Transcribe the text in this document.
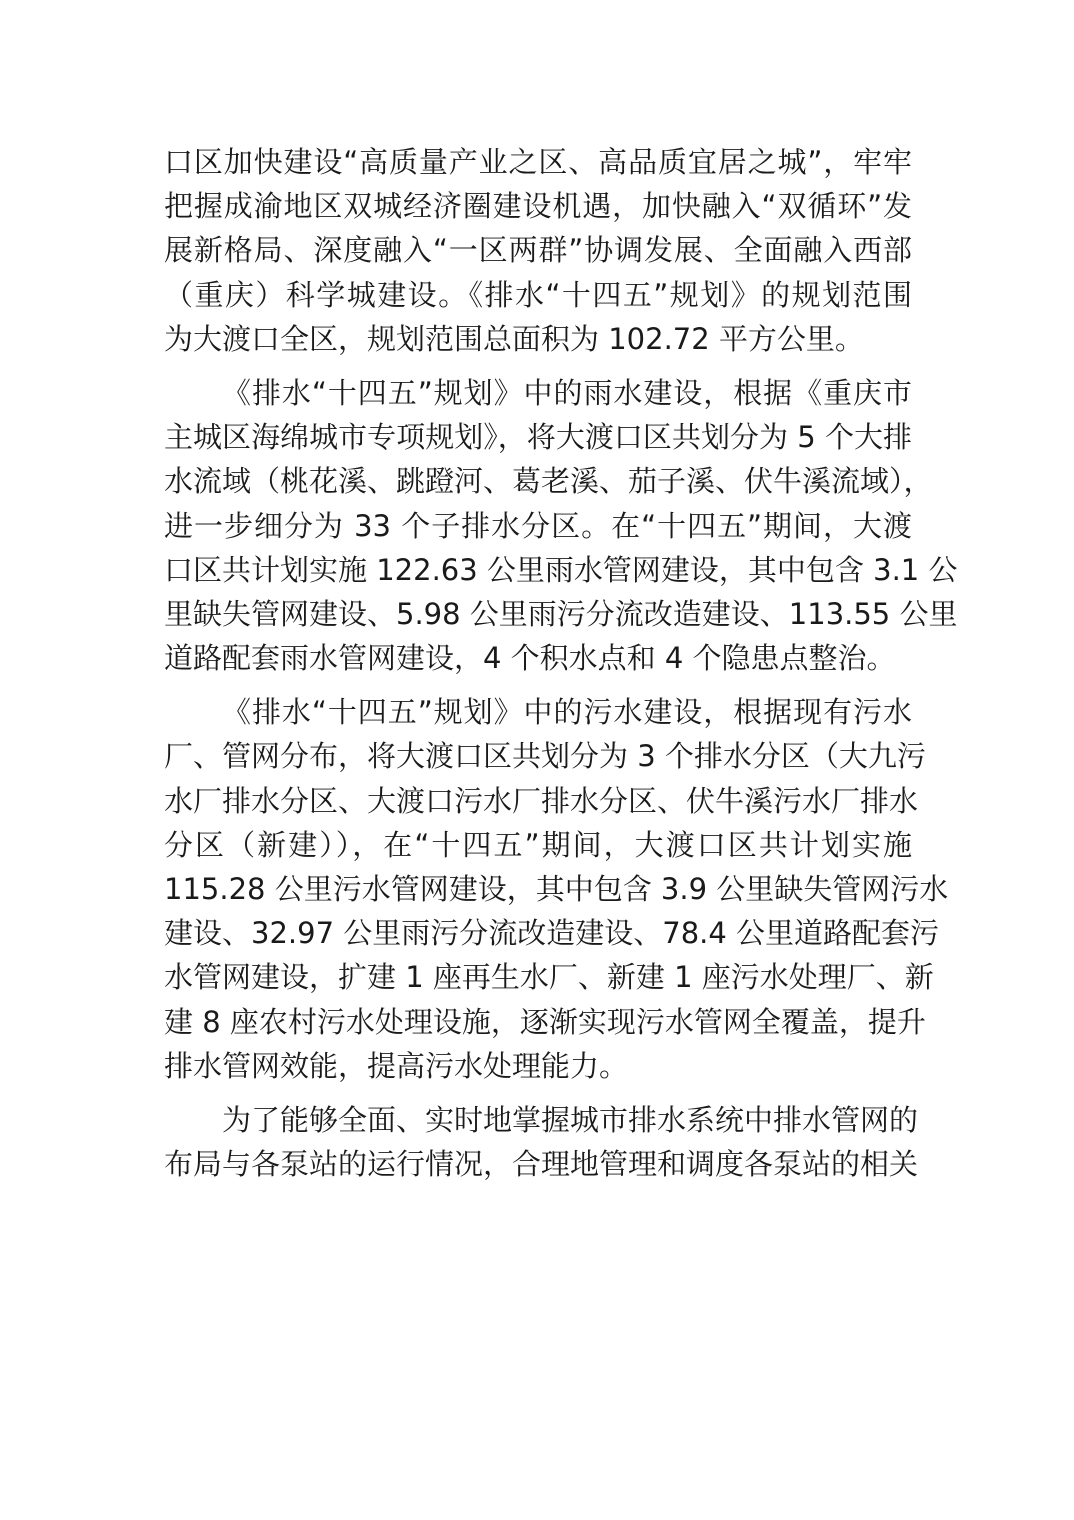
口区加快建设“高质量产业之区、高品质宜居之城”，牢牢
把握成渝地区双城经济圈建设机遇，加快融入“双循环”发
展新格局、深度融入“一区两群”协调发展、全面融入西部
（重庆）科学城建设。《排水“十四五”规划》的规划范围
为大渡口全区，规划范围总面积为 102.72 平方公里。
《排水“十四五”规划》中的雨水建设，根据《重庆市
主城区海绵城市专项规划》，将大渡口区共划分为 5 个大排
水流域（桃花溪、跳蹬河、葛老溪、茄子溪、伏牛溪流域），
进一步细分为 33 个子排水分区。在“十四五”期间，大渡
口区共计划实施 122.63 公里雨水管网建设，其中包含 3.1 公
里缺失管网建设、5.98 公里雨污分流改造建设、113.55 公里
道路配套雨水管网建设，4 个积水点和 4 个隐患点整治。
《排水“十四五”规划》中的污水建设，根据现有污水
厂、管网分布，将大渡口区共划分为 3 个排水分区（大九污
水厂排水分区、大渡口污水厂排水分区、伏牛溪污水厂排水
分区（新建）），在“十四五”期间，大渡口区共计划实施
115.28 公里污水管网建设，其中包含 3.9 公里缺失管网污水
建设、32.97 公里雨污分流改造建设、78.4 公里道路配套污
水管网建设，扩建 1 座再生水厂、新建 1 座污水处理厂、新
建 8 座农村污水处理设施，逐渐实现污水管网全覆盖，提升
排水管网效能，提高污水处理能力。
为了能够全面、实时地掌握城市排水系统中排水管网的
布局与各泵站的运行情况，合理地管理和调度各泵站的相关
